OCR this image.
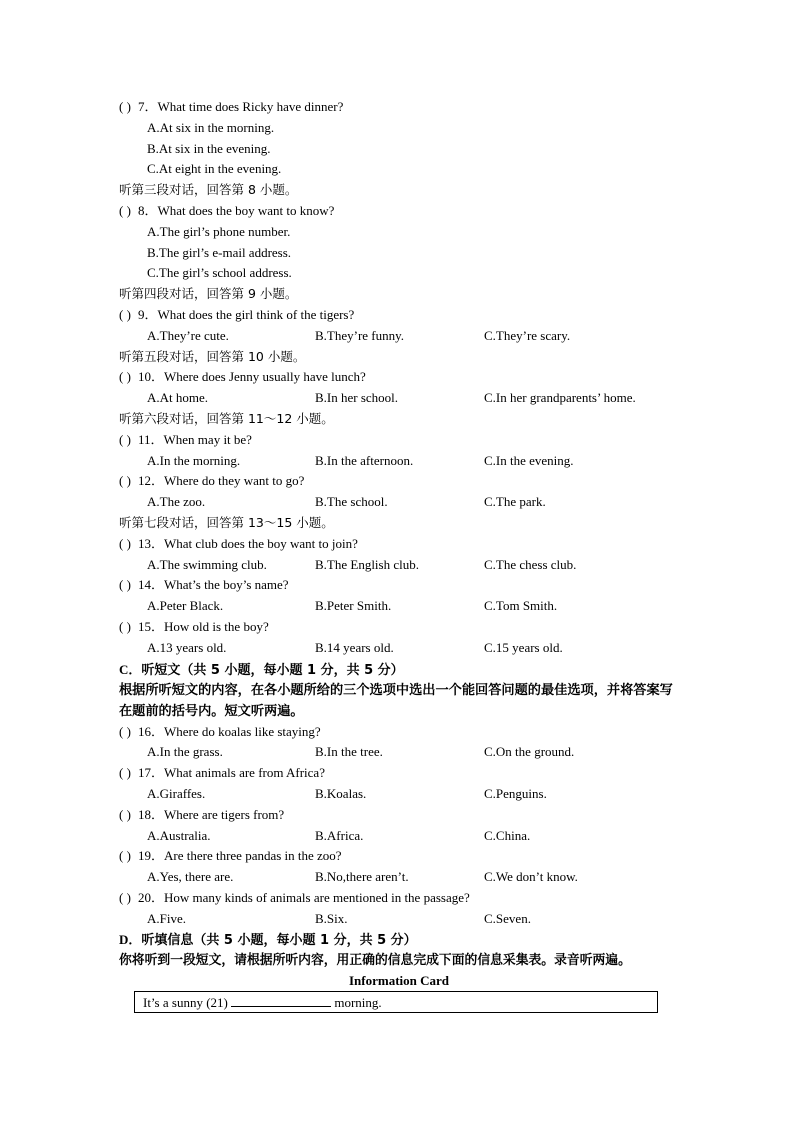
( ) 7．What time does Ricky have dinner?
A.At six in the morning.
B.At six in the evening.
C.At eight in the evening.
听第三段对话，回答第 8 小题。
( ) 8．What does the boy want to know?
A.The girl’s phone number.
B.The girl’s e-mail address.
C.The girl’s school address.
听第四段对话，回答第 9 小题。
( ) 9．What does the girl think of the tigers?
A.They’re cute.	B.They’re funny.	C.They’re scary.
听第五段对话，回答第 10 小题。
( ) 10．Where does Jenny usually have lunch?
A.At home.	B.In her school.	C.In her grandparents’ home.
听第六段对话，回答第 11～12 小题。
( ) 11．When may it be?
A.In the morning.	B.In the afternoon.	C.In the evening.
( ) 12．Where do they want to go?
A.The zoo.	B.The school.	C.The park.
听第七段对话，回答第 13～15 小题。
( ) 13．What club does the boy want to join?
A.The swimming club.	B.The English club.	C.The chess club.
( ) 14．What’s the boy’s name?
A.Peter Black.	B.Peter Smith.	C.Tom Smith.
( ) 15．How old is the boy?
A.13 years old.	B.14 years old.	C.15 years old.
C．听短文（共 5 小题，每小题 1 分，共 5 分）
根据所听短文的内容，在各小题所给的三个选项中选出一个能回答问题的最佳选项，并将答案写在题前的括号内。短文听两遍。
( ) 16．Where do koalas like staying?
A.In the grass.	B.In the tree.	C.On the ground.
( ) 17．What animals are from Africa?
A.Giraffes.	B.Koalas.	C.Penguins.
( ) 18．Where are tigers from?
A.Australia.	B.Africa.	C.China.
( ) 19．Are there three pandas in the zoo?
A.Yes, there are.	B.No,there aren’t.	C.We don’t know.
( ) 20．How many kinds of animals are mentioned in the passage?
A.Five.	B.Six.	C.Seven.
D．听填信息（共 5 小题，每小题 1 分，共 5 分）
你将听到一段短文，请根据所听内容，用正确的信息完成下面的信息采集表。录音听两遍。
Information Card
It’s a sunny (21)	morning.
